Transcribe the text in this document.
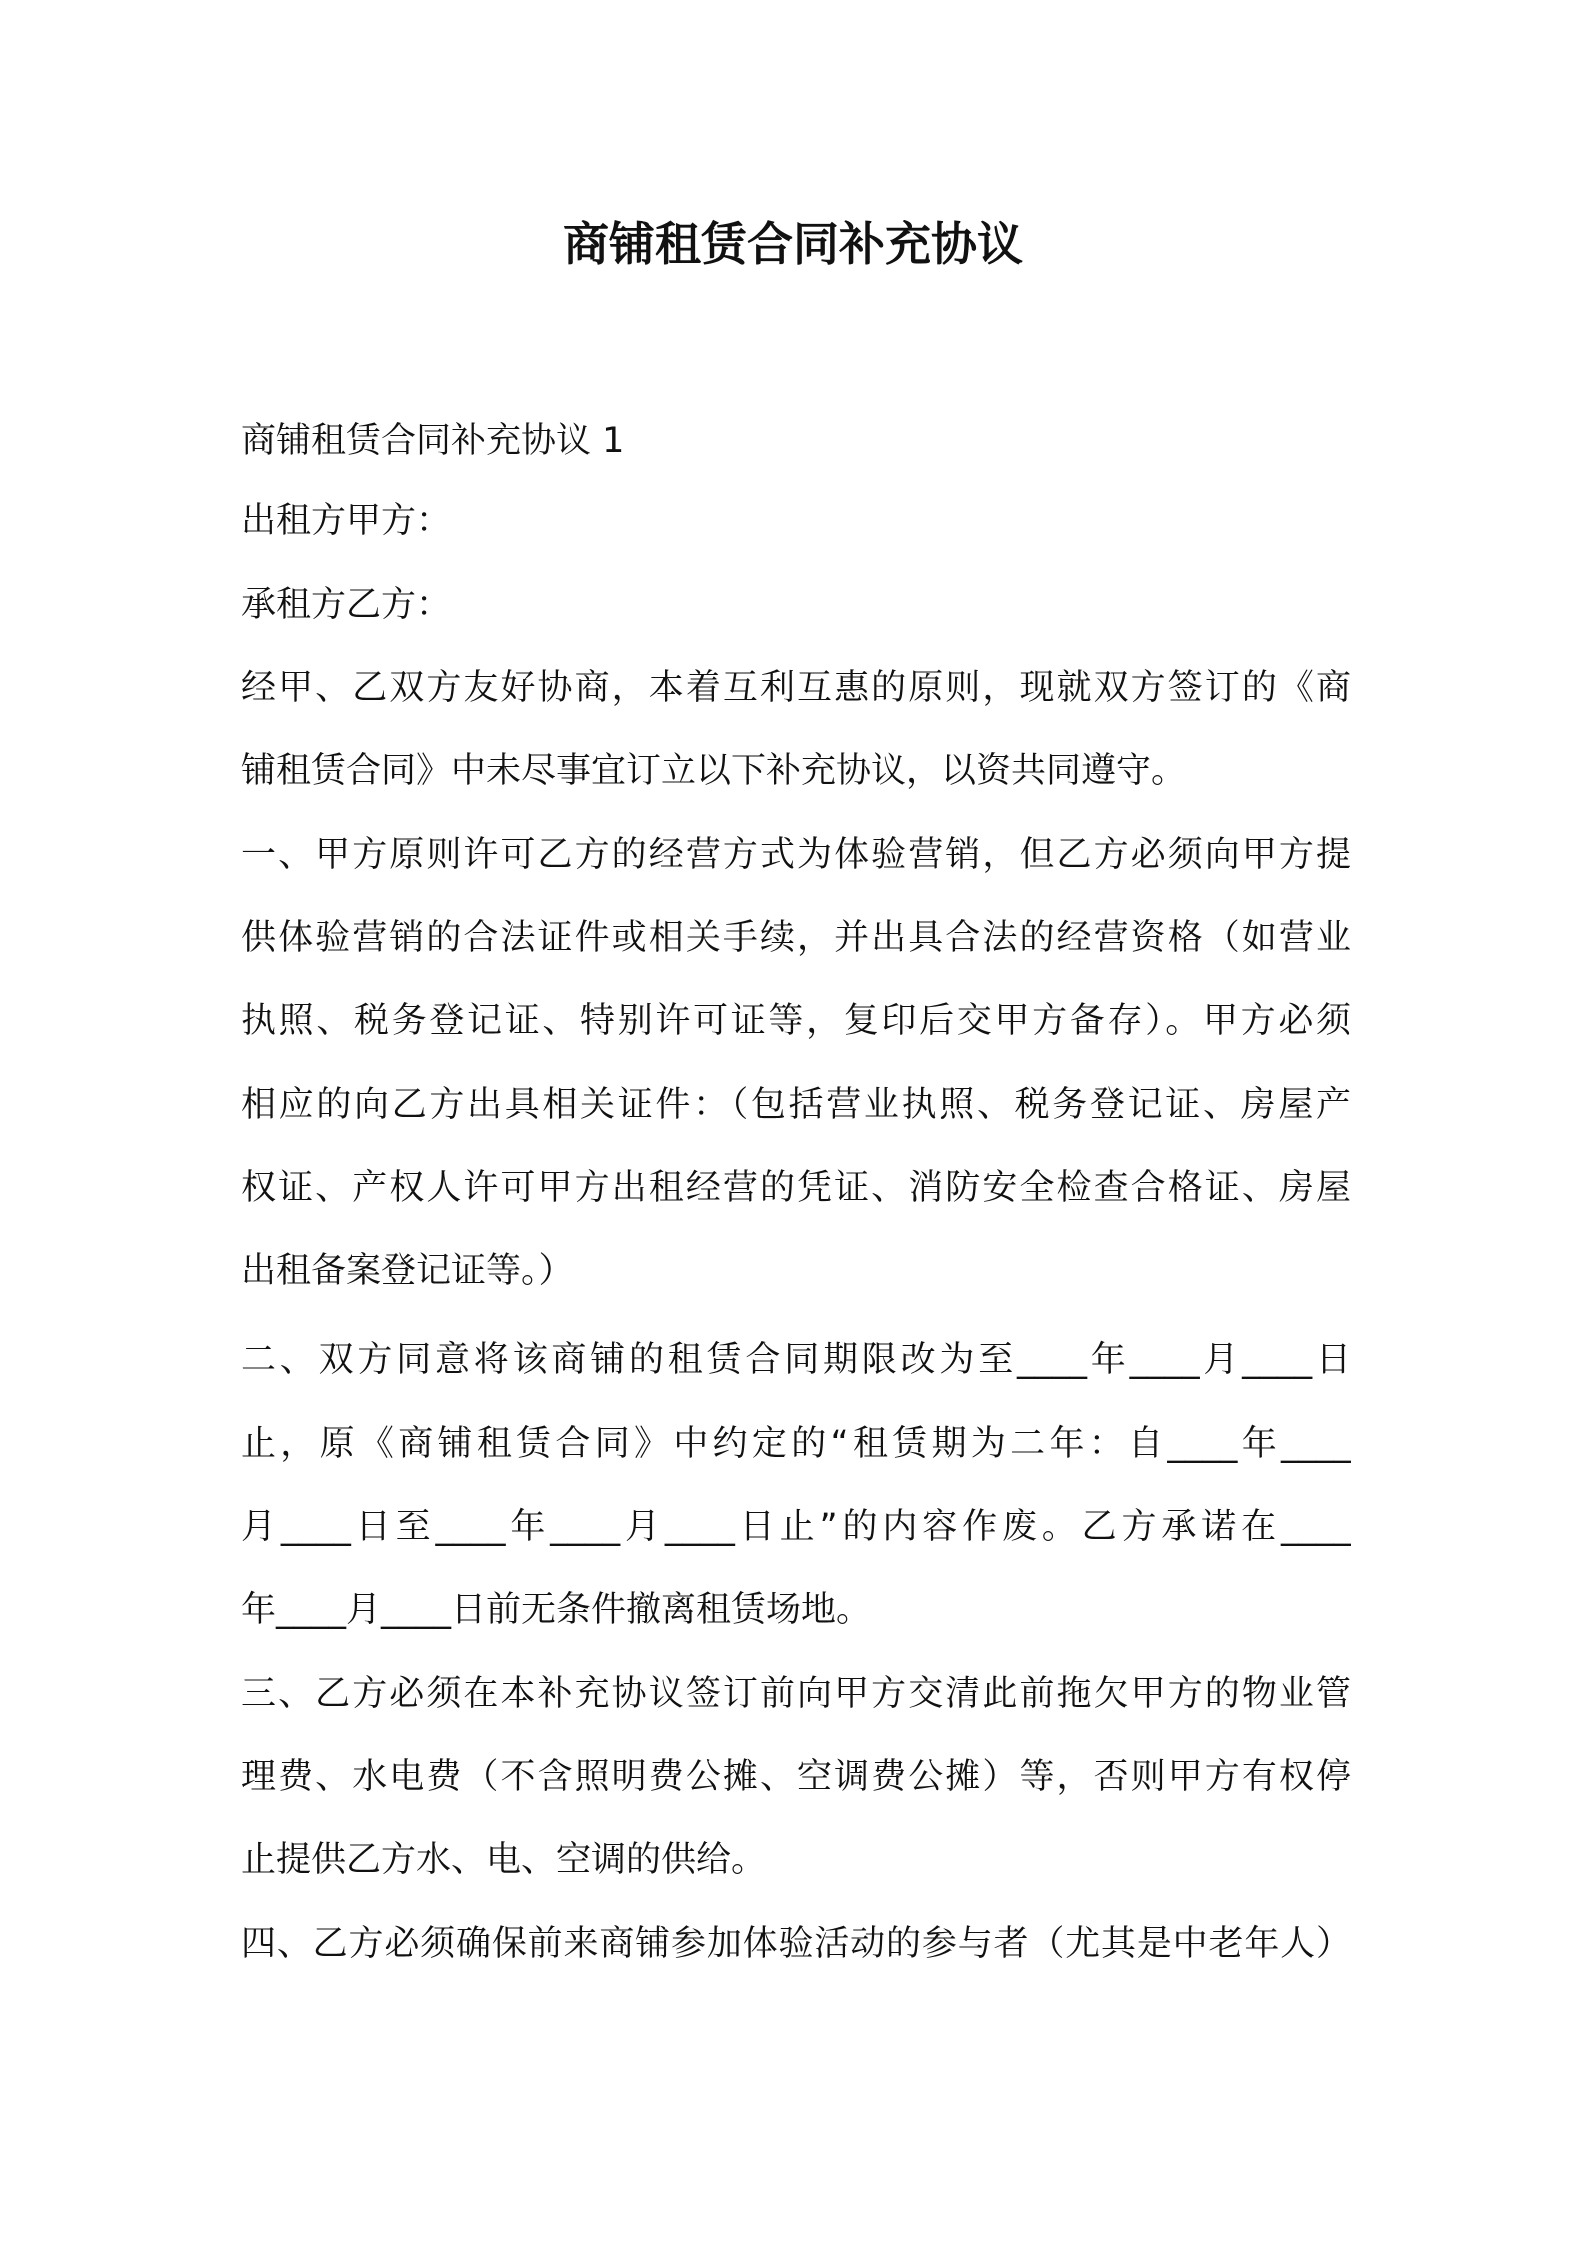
商铺租赁合同补充协议
商铺租赁合同补充协议 1
出租方甲方：
承租方乙方：
经甲、乙双方友好协商，本着互利互惠的原则，现就双方签订的《商
铺租赁合同》中未尽事宜订立以下补充协议，以资共同遵守。
一、甲方原则许可乙方的经营方式为体验营销，但乙方必须向甲方提
供体验营销的合法证件或相关手续，并出具合法的经营资格（如营业
执照、税务登记证、特别许可证等，复印后交甲方备存）。甲方必须
相应的向乙方出具相关证件：（包括营业执照、税务登记证、房屋产
权证、产权人许可甲方出租经营的凭证、消防安全检查合格证、房屋
出租备案登记证等。）
二、双方同意将该商铺的租赁合同期限改为至____年____月____日
止，原《商铺租赁合同》中约定的“租赁期为二年：自____年____
月____日至____年____月____日止”的内容作废。乙方承诺在____
年____月____日前无条件撤离租赁场地。
三、乙方必须在本补充协议签订前向甲方交清此前拖欠甲方的物业管
理费、水电费（不含照明费公摊、空调费公摊）等，否则甲方有权停
止提供乙方水、电、空调的供给。
四、乙方必须确保前来商铺参加体验活动的参与者（尤其是中老年人）
